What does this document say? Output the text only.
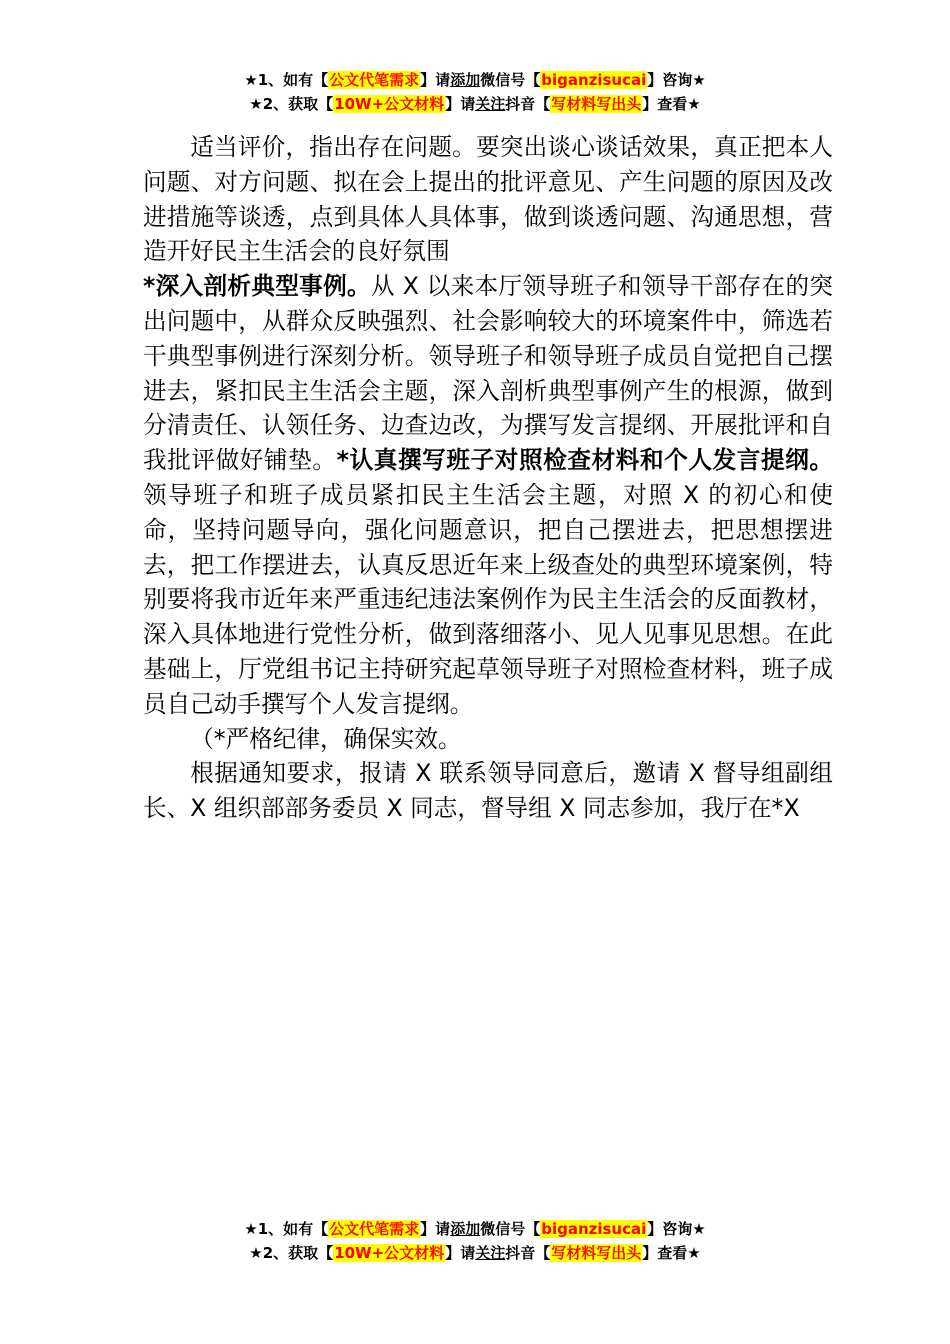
★1、如有【公文代笔需求】请添加微信号【biganzisucai】咨询★
★2、获取【10W+公文材料】请关注抖音【写材料写出头】查看★

适当评价，指出存在问题。要突出谈心谈话效果，真正把本人问题、对方问题、拟在会上提出的批评意见、产生问题的原因及改进措施等谈透，点到具体人具体事，做到谈透问题、沟通思想，营造开好民主生活会的良好氛围

*深入剖析典型事例。从 X 以来本厅领导班子和领导干部存在的突出问题中，从群众反映强烈、社会影响较大的环境案件中，筛选若干典型事例进行深刻分析。领导班子和领导班子成员自觉把自己摆进去，紧扣民主生活会主题，深入剖析典型事例产生的根源，做到分清责任、认领任务、边查边改，为撰写发言提纲、开展批评和自我批评做好铺垫。*认真撰写班子对照检查材料和个人发言提纲。领导班子和班子成员紧扣民主生活会主题，对照 X 的初心和使命，坚持问题导向，强化问题意识，把自己摆进去，把思想摆进去，把工作摆进去，认真反思近年来上级查处的典型环境案例，特别要将我市近年来严重违纪违法案例作为民主生活会的反面教材，深入具体地进行党性分析，做到落细落小、见人见事见思想。在此基础上，厅党组书记主持研究起草领导班子对照检查材料，班子成员自己动手撰写个人发言提纲。

（*严格纪律，确保实效。

根据通知要求，报请 X 联系领导同意后，邀请 X 督导组副组长、X 组织部部务委员 X 同志，督导组 X 同志参加，我厅在*X

★1、如有【公文代笔需求】请添加微信号【biganzisucai】咨询★
★2、获取【10W+公文材料】请关注抖音【写材料写出头】查看★
